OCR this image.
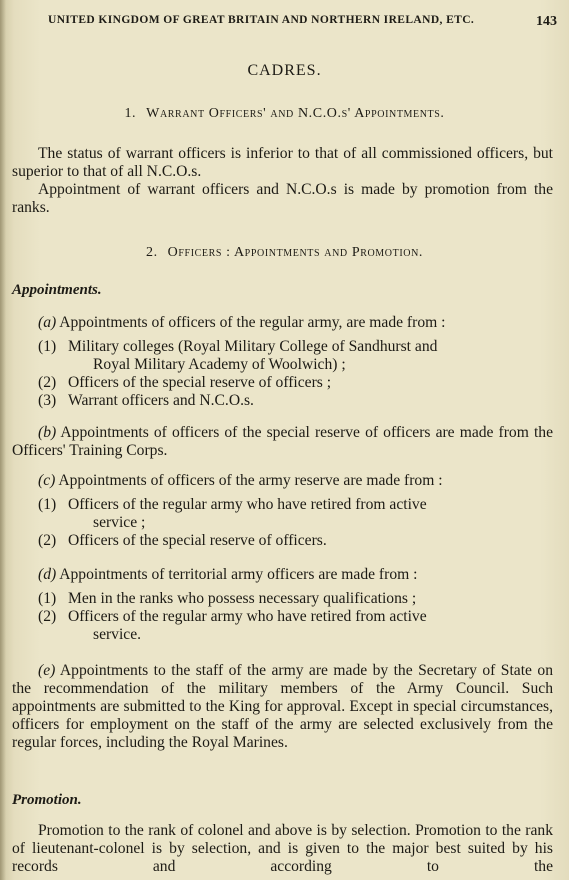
UNITED KINGDOM OF GREAT BRITAIN AND NORTHERN IRELAND, ETC.	143
CADRES.
1. Warrant Officers' and N.C.O.s' Appointments.

The status of warrant officers is inferior to that of all commissioned officers, but superior to that of all N.C.O.s.

Appointment of warrant officers and N.C.O.s is made by promotion from the ranks.

2. Officers : Appointments and Promotion.

Appointments.

(a) Appointments of officers of the regular army, are made from :

(1) Military colleges (Royal Military College of Sandhurst and

Royal Military Academy of Woolwich) ;

(2) Officers of the special reserve of officers ;

(3) Warrant officers and N.C.O.s.

(b) Appointments of officers of the special reserve of officers are made from the Officers' Training Corps.

(c) Appointments of officers of the army reserve are made from :

(1) Officers of the regular army who have retired from active

service ;

(2) Officers of the special reserve of officers.

(d) Appointments of territorial army officers are made from :

(1) Men in the ranks who possess necessary qualifications ;

(2) Officers of the regular army who have retired from active

service.

(e) Appointments to the staff of the army are made by the Secretary of State on the recommendation of the military members of the Army Council. Such appointments are submitted to the King for approval. Except in special circumstances, officers for employment on the staff of the army are selected exclusively from the regular forces, including the Royal Marines.

Promotion.

Promotion to the rank of colonel and above is by selection. Promotion to the rank of lieutenant-colonel is by selection, and is given to the major best suited by his records and according to the
